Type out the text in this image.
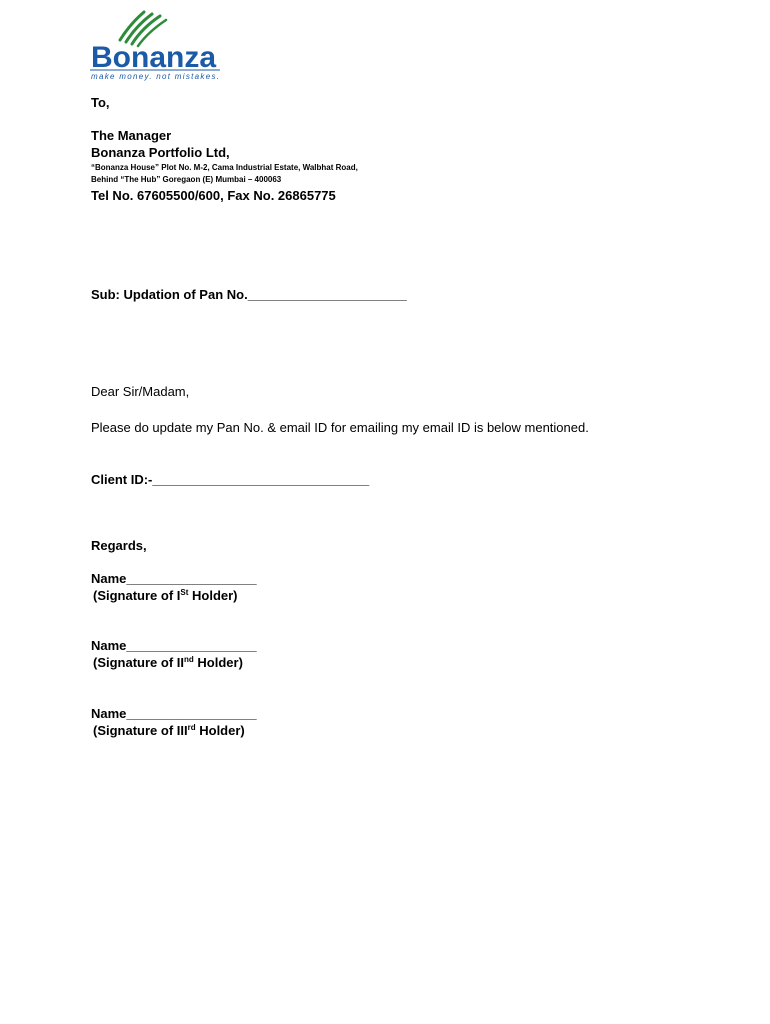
Bonanza
make money. not mistakes.
To,
The Manager
Bonanza Portfolio Ltd,
“Bonanza House” Plot No. M-2, Cama Industrial Estate, Walbhat Road,
Behind “The Hub” Goregaon (E) Mumbai – 400063
Tel No. 67605500/600, Fax No. 26865775
Sub: Updation of Pan No.______________________
Dear Sir/Madam,
Please do update my Pan No. & email ID for emailing my email ID is below mentioned.
Client ID:-______________________________
Regards,
Name__________________
(Signature of ISt Holder)
Name__________________
(Signature of IInd Holder)
Name__________________
(Signature of IIIrd Holder)
